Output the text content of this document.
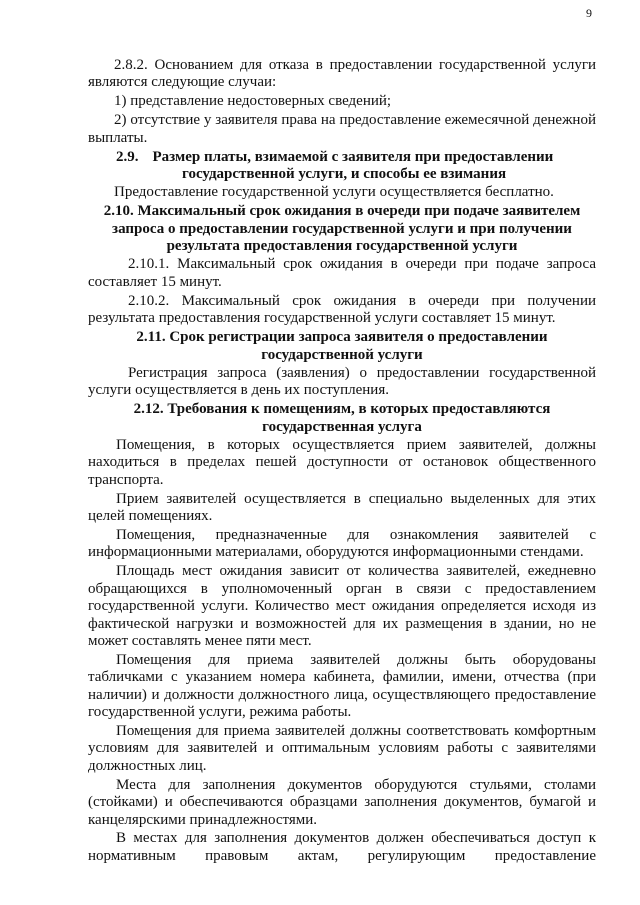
9

2.8.2. Основанием для отказа в предоставлении государственной услуги являются следующие случаи:

1) представление недостоверных сведений;

2) отсутствие у заявителя права на предоставление ежемесячной денежной выплаты.

2.9. Размер платы, взимаемой с заявителя при предоставлении
государственной услуги, и способы ее взимания

Предоставление государственной услуги осуществляется бесплатно.

2.10. Максимальный срок ожидания в очереди при подаче заявителем запроса о предоставлении государственной услуги и при получении результата предоставления государственной услуги

2.10.1. Максимальный срок ожидания в очереди при подаче запроса составляет 15 минут.

2.10.2. Максимальный срок ожидания в очереди при получении результата предоставления государственной услуги составляет 15 минут.

2.11. Срок регистрации запроса заявителя о предоставлении государственной услуги

Регистрация запроса (заявления) о предоставлении государственной услуги осуществляется в день их поступления.

2.12. Требования к помещениям, в которых предоставляются государственная услуга

Помещения, в которых осуществляется прием заявителей, должны находиться в пределах пешей доступности от остановок общественного транспорта.

Прием заявителей осуществляется в специально выделенных для этих целей помещениях.

Помещения, предназначенные для ознакомления заявителей с информационными материалами, оборудуются информационными стендами.

Площадь мест ожидания зависит от количества заявителей, ежедневно обращающихся в уполномоченный орган в связи с предоставлением государственной услуги. Количество мест ожидания определяется исходя из фактической нагрузки и возможностей для их размещения в здании, но не может составлять менее пяти мест.

Помещения для приема заявителей должны быть оборудованы табличками с указанием номера кабинета, фамилии, имени, отчества (при наличии) и должности должностного лица, осуществляющего предоставление государственной услуги, режима работы.

Помещения для приема заявителей должны соответствовать комфортным условиям для заявителей и оптимальным условиям работы с заявителями должностных лиц.

Места для заполнения документов оборудуются стульями, столами (стойками) и обеспечиваются образцами заполнения документов, бумагой и канцелярскими принадлежностями.

В местах для заполнения документов должен обеспечиваться доступ к нормативным правовым актам, регулирующим предоставление
